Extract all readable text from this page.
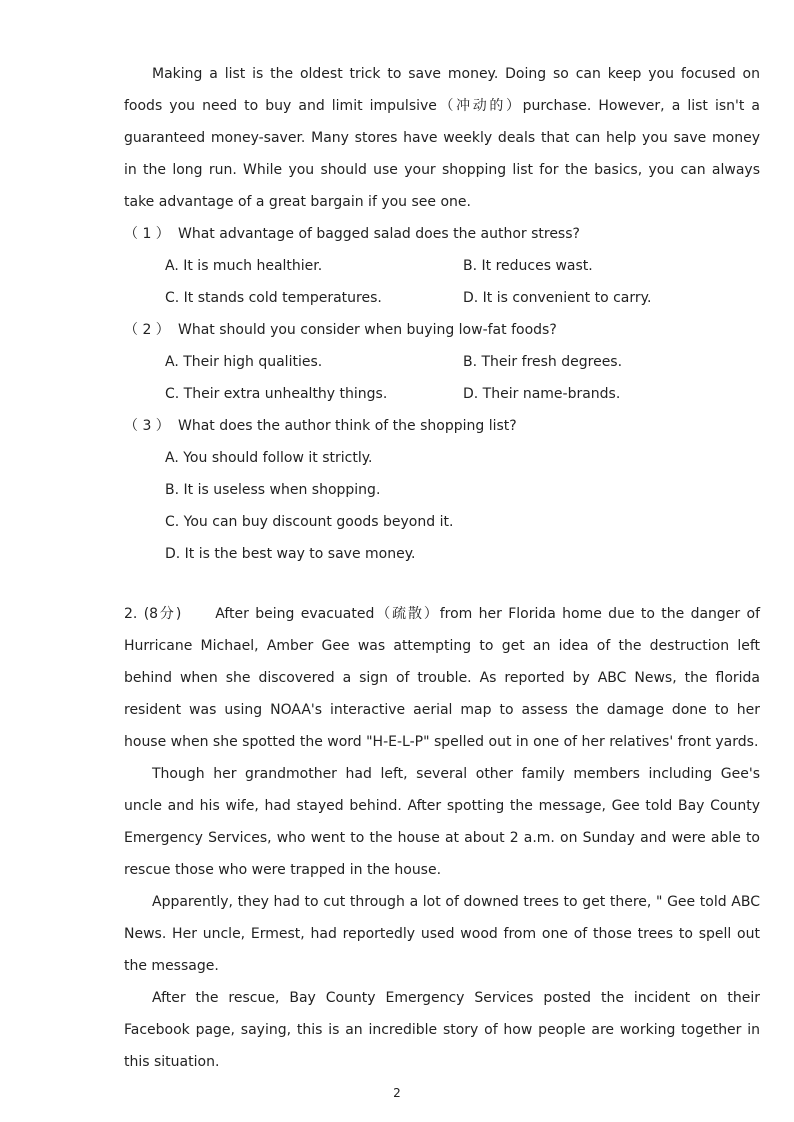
Making a list is the oldest trick to save money. Doing so can keep you focused on foods you need to buy and limit impulsive（冲动的）purchase. However, a list isn't a guaranteed money-saver. Many stores have weekly deals that can help you save money in the long run. While you should use your shopping list for the basics, you can always take advantage of a great bargain if you see one.

（ 1 ） What advantage of bagged salad does the author stress?

A. It is much healthier.	B. It reduces wast.
C. It stands cold temperatures.	D. It is convenient to carry.

（ 2 ） What should you consider when buying low-fat foods?

A. Their high qualities.	B. Their fresh degrees.
C. Their extra unhealthy things.	D. Their name-brands.

（ 3 ） What does the author think of the shopping list?

A. You should follow it strictly.
B. It is useless when shopping.
C. You can buy discount goods beyond it.
D. It is the best way to save money.

2. (8分) After being evacuated（疏散）from her Florida home due to the danger of Hurricane Michael, Amber Gee was attempting to get an idea of the destruction left behind when she discovered a sign of trouble. As reported by ABC News, the florida resident was using NOAA's interactive aerial map to assess the damage done to her house when she spotted the word "H-E-L-P" spelled out in one of her relatives' front yards.

Though her grandmother had left, several other family members including Gee's uncle and his wife, had stayed behind. After spotting the message, Gee told Bay County Emergency Services, who went to the house at about 2 a.m. on Sunday and were able to rescue those who were trapped in the house.

Apparently, they had to cut through a lot of downed trees to get there, " Gee told ABC News. Her uncle, Ermest, had reportedly used wood from one of those trees to spell out the message.

After the rescue, Bay County Emergency Services posted the incident on their Facebook page, saying, this is an incredible story of how people are working together in this situation.

2
